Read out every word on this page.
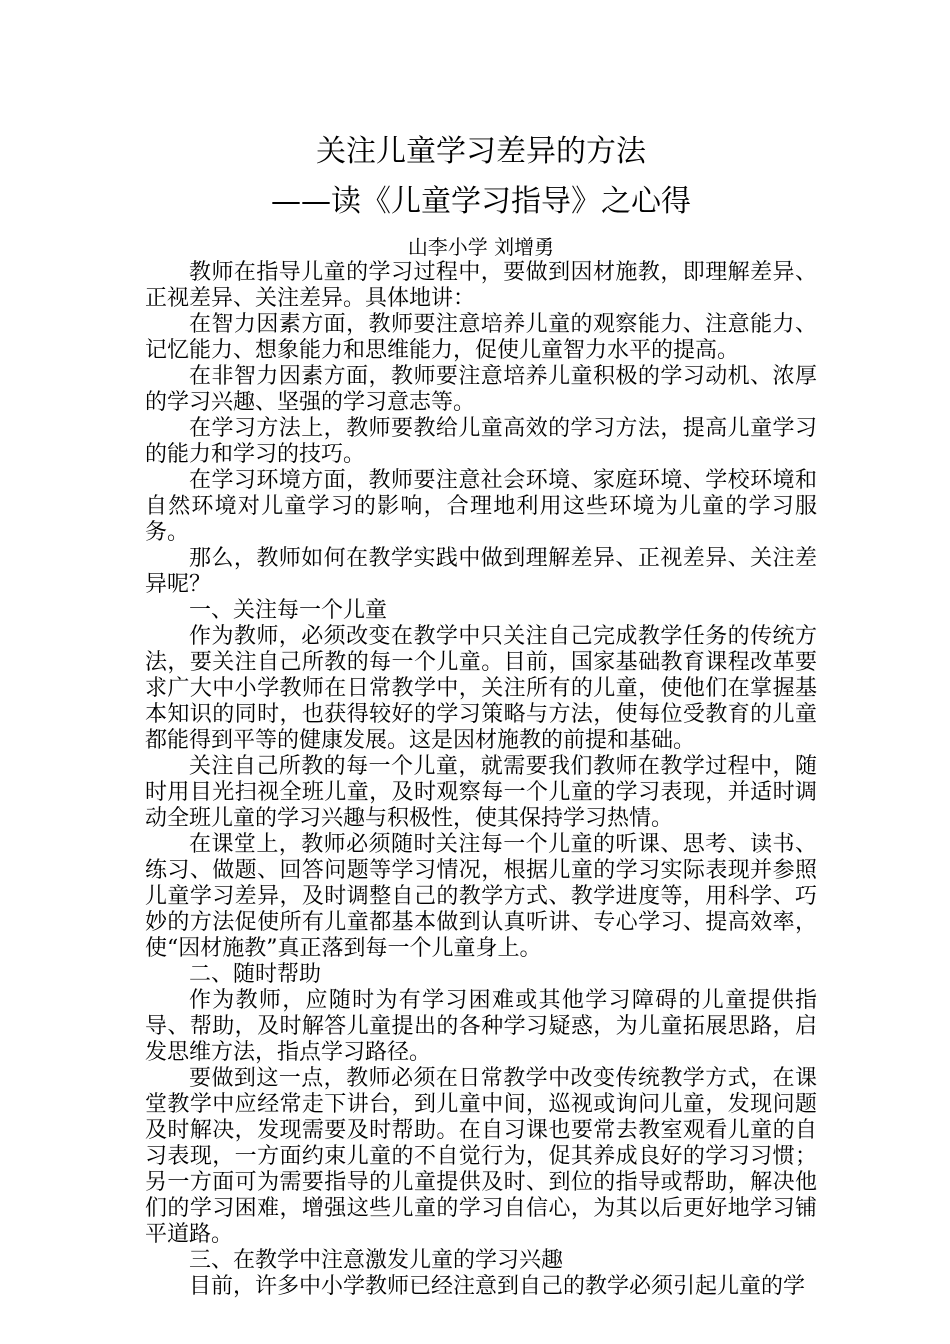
关注儿童学习差异的方法
——读《儿童学习指导》之心得
山李小学 刘增勇

教师在指导儿童的学习过程中，要做到因材施教，即理解差异、正视差异、关注差异。具体地讲：

在智力因素方面，教师要注意培养儿童的观察能力、注意能力、记忆能力、想象能力和思维能力，促使儿童智力水平的提高。

在非智力因素方面，教师要注意培养儿童积极的学习动机、浓厚的学习兴趣、坚强的学习意志等。

在学习方法上，教师要教给儿童高效的学习方法，提高儿童学习的能力和学习的技巧。

在学习环境方面，教师要注意社会环境、家庭环境、学校环境和自然环境对儿童学习的影响，合理地利用这些环境为儿童的学习服务。

那么，教师如何在教学实践中做到理解差异、正视差异、关注差异呢？

一、关注每一个儿童

作为教师，必须改变在教学中只关注自己完成教学任务的传统方法，要关注自己所教的每一个儿童。目前，国家基础教育课程改革要求广大中小学教师在日常教学中，关注所有的儿童，使他们在掌握基本知识的同时，也获得较好的学习策略与方法，使每位受教育的儿童都能得到平等的健康发展。这是因材施教的前提和基础。

关注自己所教的每一个儿童，就需要我们教师在教学过程中，随时用目光扫视全班儿童，及时观察每一个儿童的学习表现，并适时调动全班儿童的学习兴趣与积极性，使其保持学习热情。

在课堂上，教师必须随时关注每一个儿童的听课、思考、读书、练习、做题、回答问题等学习情况，根据儿童的学习实际表现并参照儿童学习差异，及时调整自己的教学方式、教学进度等，用科学、巧妙的方法促使所有儿童都基本做到认真听讲、专心学习、提高效率，使“因材施教”真正落到每一个儿童身上。

二、随时帮助

作为教师，应随时为有学习困难或其他学习障碍的儿童提供指导、帮助，及时解答儿童提出的各种学习疑惑，为儿童拓展思路，启发思维方法，指点学习路径。

要做到这一点，教师必须在日常教学中改变传统教学方式，在课堂教学中应经常走下讲台，到儿童中间，巡视或询问儿童，发现问题及时解决，发现需要及时帮助。在自习课也要常去教室观看儿童的自习表现，一方面约束儿童的不自觉行为，促其养成良好的学习习惯；另一方面可为需要指导的儿童提供及时、到位的指导或帮助，解决他们的学习困难，增强这些儿童的学习自信心，为其以后更好地学习铺平道路。

三、在教学中注意激发儿童的学习兴趣

目前，许多中小学教师已经注意到自己的教学必须引起儿童的学
